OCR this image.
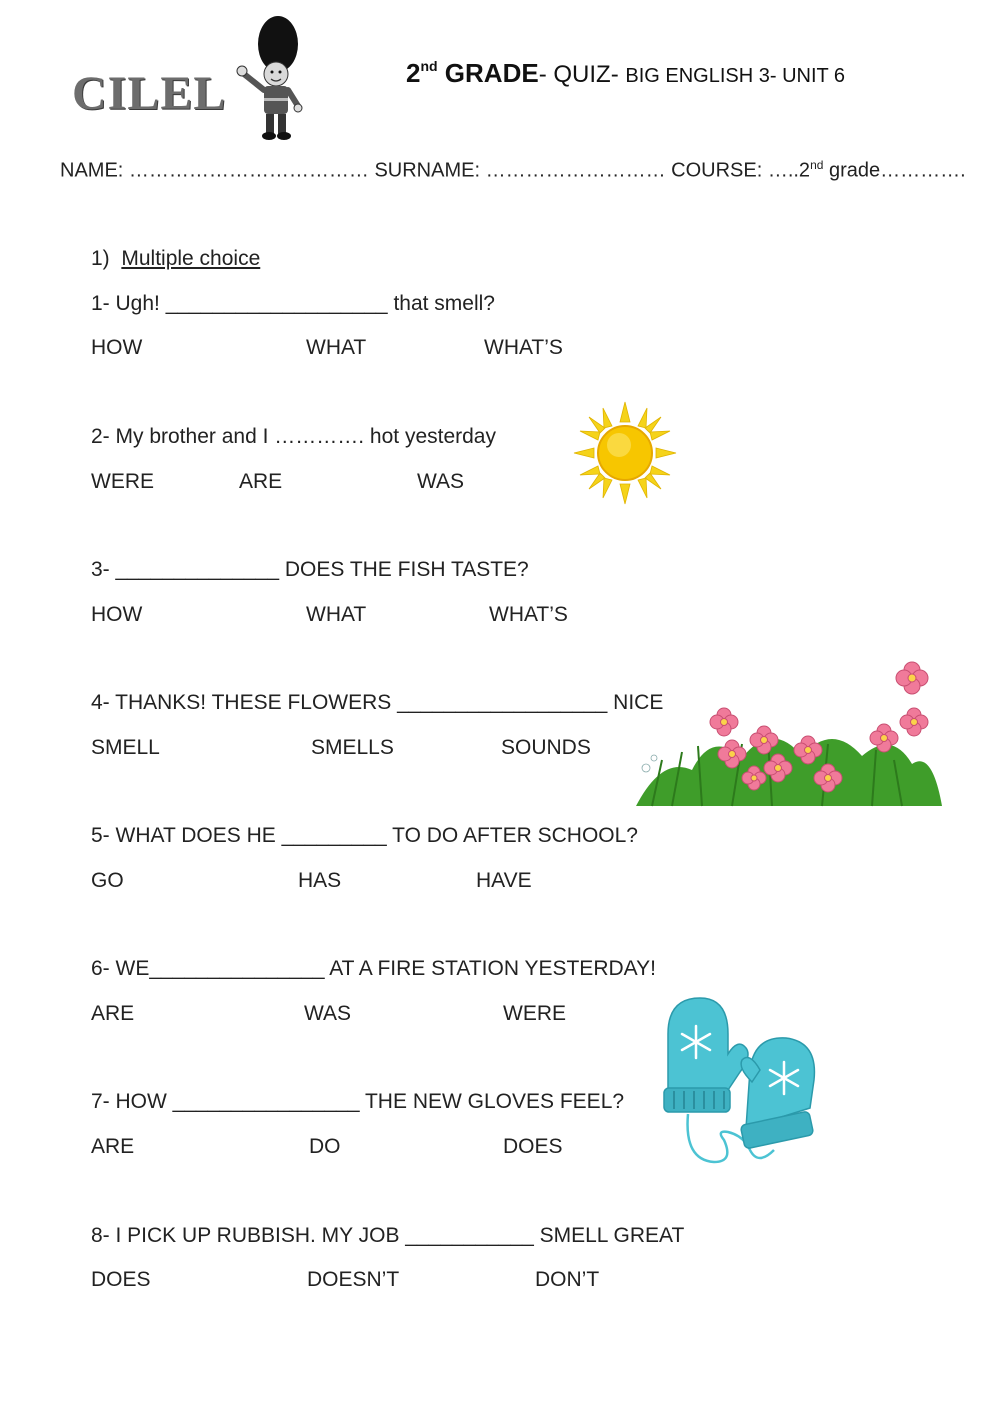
CILEL	2nd GRADE- QUIZ- BIG ENGLISH 3- UNIT 6
NAME: ……………………………… SURNAME: ……………………… COURSE: …..2nd grade………….
1) Multiple choice
1- Ugh! ___________________ that smell?
HOW	WHAT	WHAT’S
2- My brother and I …………. hot yesterday
WERE	ARE	WAS
3- ______________ DOES THE FISH TASTE?
HOW	WHAT	WHAT’S
4- THANKS! THESE FLOWERS __________________ NICE
SMELL	SMELLS	SOUNDS
5- WHAT DOES HE _________ TO DO AFTER SCHOOL?
GO	HAS	HAVE
6- WE_______________ AT A FIRE STATION YESTERDAY!
ARE	WAS	WERE
7- HOW ________________ THE NEW GLOVES FEEL?
ARE	DO	DOES
8- I PICK UP RUBBISH. MY JOB ___________ SMELL GREAT
DOES	DOESN’T	DON’T
